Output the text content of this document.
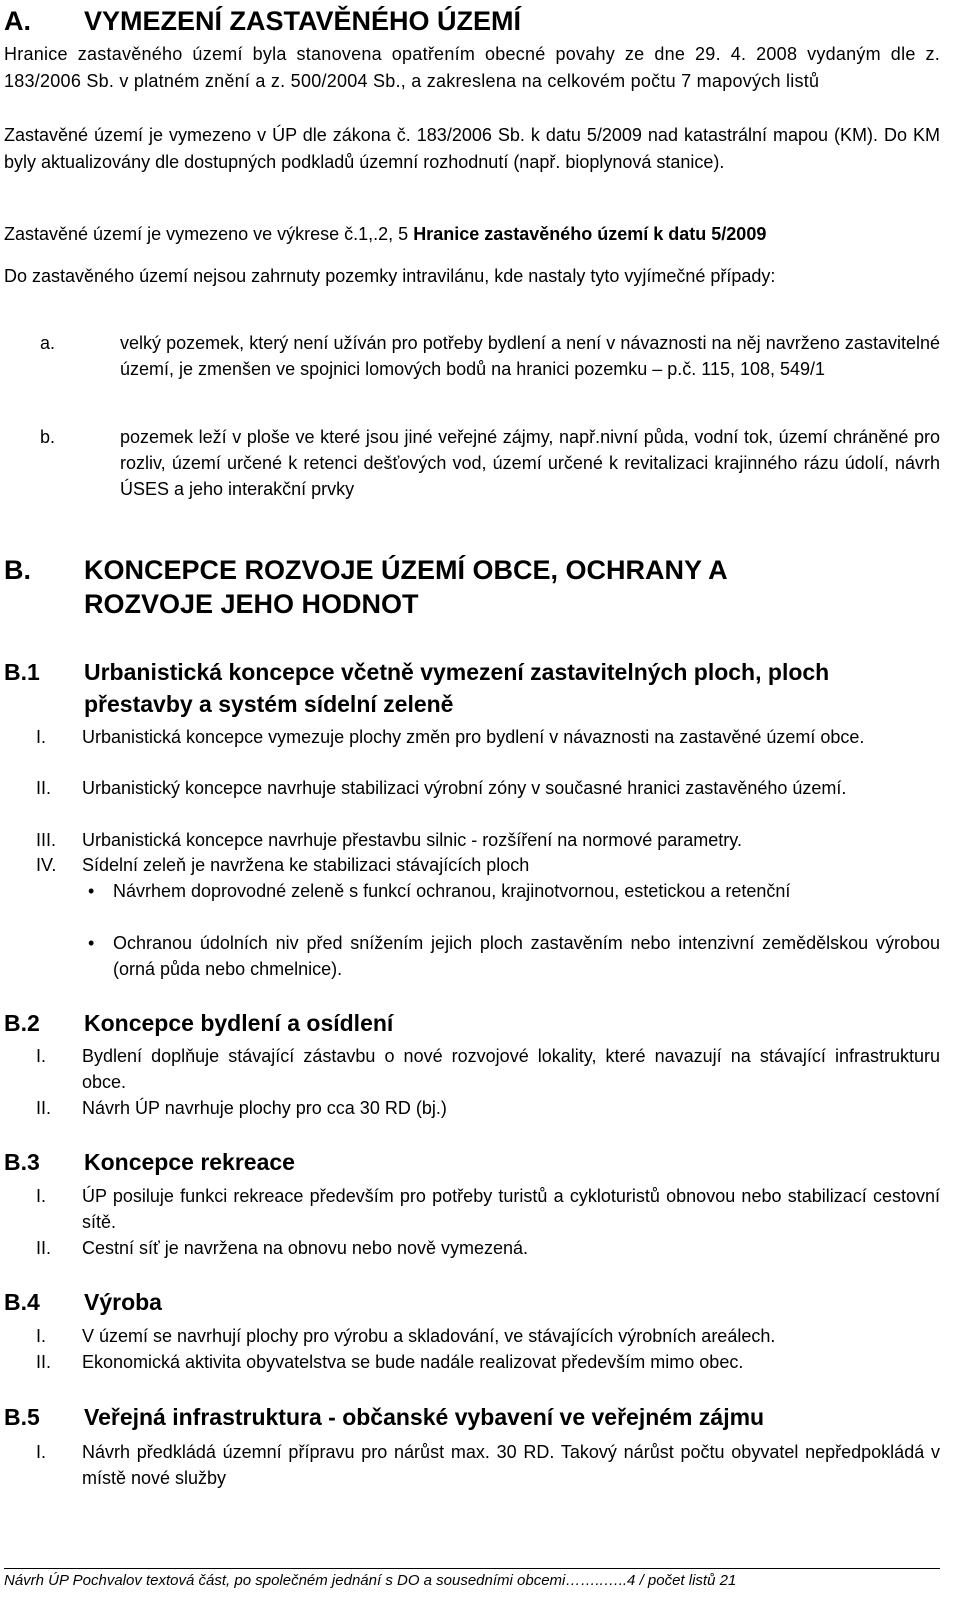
A. VYMEZENÍ ZASTAVĚNÉHO ÚZEMÍ
Hranice zastavěného území byla stanovena opatřením obecné povahy ze dne 29. 4. 2008 vydaným dle z. 183/2006 Sb. v platném znění a z. 500/2004 Sb., a zakreslena na celkovém počtu 7 mapových listů
Zastavěné území je vymezeno v ÚP dle zákona č. 183/2006 Sb. k datu 5/2009 nad katastrální mapou (KM). Do KM byly aktualizovány dle dostupných podkladů územní rozhodnutí (např. bioplynová stanice).
Zastavěné území je vymezeno ve výkrese č.1,.2, 5 Hranice zastavěného území k datu 5/2009
Do zastavěného území nejsou zahrnuty pozemky intravilánu, kde nastaly tyto vyjímečné případy:
a.	velký pozemek, který není užíván pro potřeby bydlení a není v návaznosti na něj navrženo zastavitelné území, je zmenšen ve spojnici lomových bodů na hranici pozemku – p.č. 115, 108, 549/1
b.	pozemek leží v ploše ve které jsou jiné veřejné zájmy, např.nivní půda, vodní tok, území chráněné pro rozliv, území určené k retenci dešťových vod, území určené k revitalizaci krajinného rázu údolí, návrh ÚSES a jeho interakční prvky
B. KONCEPCE ROZVOJE ÚZEMÍ OBCE, OCHRANY A ROZVOJE JEHO HODNOT
B.1 Urbanistická koncepce včetně vymezení zastavitelných ploch, ploch přestavby a systém sídelní zeleně
I. Urbanistická koncepce vymezuje plochy změn pro bydlení v návaznosti na zastavěné území obce.
II. Urbanistický koncepce navrhuje stabilizaci výrobní zóny v současné hranici zastavěného území.
III. Urbanistická koncepce navrhuje přestavbu silnic - rozšíření na normové parametry.
IV. Sídelní zeleň je navržena ke stabilizaci stávajících ploch
• Návrhem doprovodné zeleně s funkcí ochranou, krajinotvornou, estetickou a retenční
• Ochranou údolních niv před snížením jejich ploch zastavěním nebo intenzivní zemědělskou výrobou (orná půda nebo chmelnice).
B.2 Koncepce bydlení a osídlení
I. Bydlení doplňuje stávající zástavbu o nové rozvojové lokality, které navazují na stávající infrastrukturu obce.
II. Návrh ÚP navrhuje plochy pro cca 30 RD (bj.)
B.3 Koncepce rekreace
I. ÚP posiluje funkci rekreace především pro potřeby turistů a cykloturistů obnovou nebo stabilizací cestovní sítě.
II. Cestní síť je navržena na obnovu nebo nově vymezená.
B.4 Výroba
I. V území se navrhují plochy pro výrobu a skladování, ve stávajících výrobních areálech.
II. Ekonomická aktivita obyvatelstva se bude nadále realizovat především mimo obec.
B.5 Veřejná infrastruktura - občanské vybavení ve veřejném zájmu
I. Návrh předkládá územní přípravu pro nárůst max. 30 RD. Takový nárůst počtu obyvatel nepředpokládá v místě nové služby
Návrh ÚP Pochvalov textová část, po společném jednání s DO a sousedními obcemi……..…..4 / počet listů 21
